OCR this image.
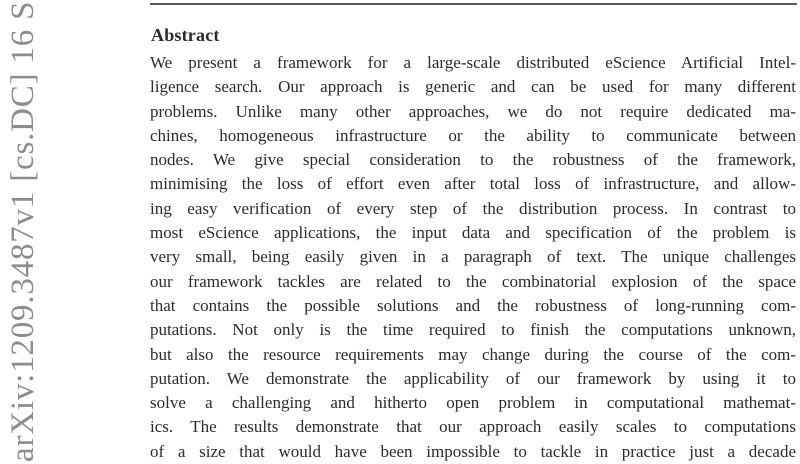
Abstract
We present a framework for a large-scale distributed eScience Artificial Intel-
ligence search. Our approach is generic and can be used for many different
problems. Unlike many other approaches, we do not require dedicated ma-
chines, homogeneous infrastructure or the ability to communicate between
nodes. We give special consideration to the robustness of the framework,
minimising the loss of effort even after total loss of infrastructure, and allow-
ing easy verification of every step of the distribution process. In contrast to
most eScience applications, the input data and specification of the problem is
very small, being easily given in a paragraph of text. The unique challenges
our framework tackles are related to the combinatorial explosion of the space
that contains the possible solutions and the robustness of long-running com-
putations. Not only is the time required to finish the computations unknown,
but also the resource requirements may change during the course of the com-
putation. We demonstrate the applicability of our framework by using it to
solve a challenging and hitherto open problem in computational mathemat-
ics. The results demonstrate that our approach easily scales to computations
of a size that would have been impossible to tackle in practice just a decade
arXiv:1209.3487v1 [cs.DC] 16 S
